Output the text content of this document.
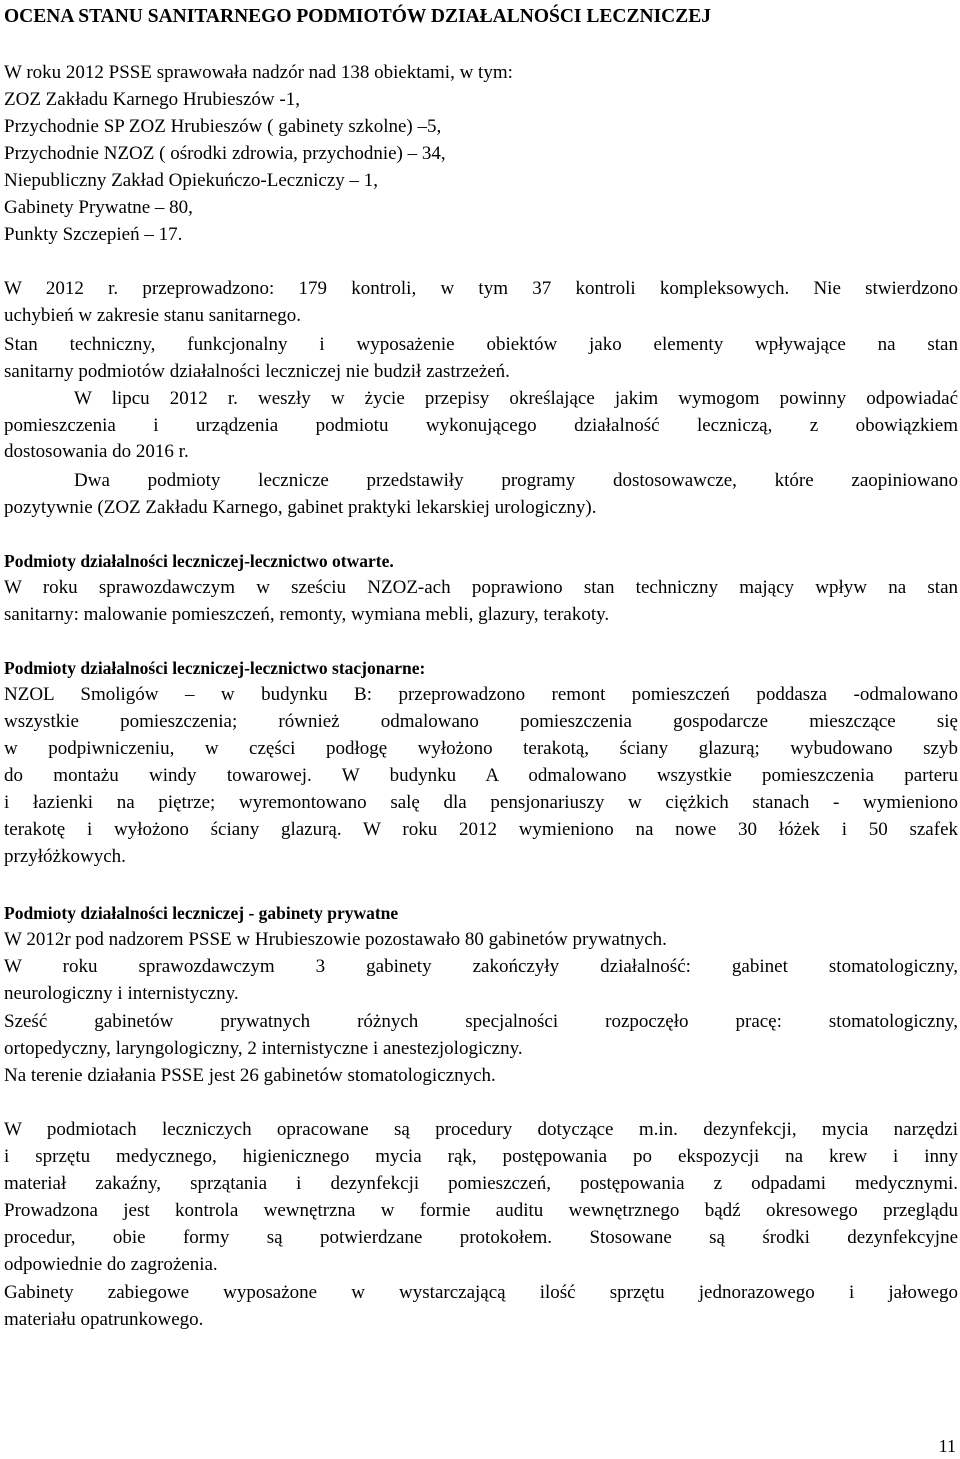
OCENA STANU SANITARNEGO PODMIOTÓW DZIAŁALNOŚCI LECZNICZEJ
W roku 2012 PSSE sprawowała nadzór nad 138 obiektami, w tym:
ZOZ Zakładu Karnego Hrubieszów -1,
Przychodnie SP ZOZ Hrubieszów ( gabinety szkolne) –5,
Przychodnie NZOZ ( ośrodki zdrowia, przychodnie) – 34,
Niepubliczny Zakład Opiekuńczo-Leczniczy – 1,
Gabinety Prywatne – 80,
Punkty Szczepień – 17.
W 2012 r. przeprowadzono: 179 kontroli, w tym 37 kontroli kompleksowych. Nie stwierdzono
uchybień w zakresie stanu sanitarnego.
Stan techniczny, funkcjonalny i wyposażenie obiektów jako elementy wpływające na stan
sanitarny podmiotów działalności leczniczej nie budził zastrzeżeń.
W lipcu 2012 r. weszły w życie przepisy określające jakim wymogom powinny odpowiadać
pomieszczenia i urządzenia podmiotu wykonującego działalność leczniczą, z obowiązkiem
dostosowania do 2016 r.
Dwa podmioty lecznicze przedstawiły programy dostosowawcze, które zaopiniowano
pozytywnie (ZOZ Zakładu Karnego, gabinet praktyki lekarskiej urologiczny).
Podmioty działalności leczniczej-lecznictwo otwarte.
W roku sprawozdawczym w sześciu NZOZ-ach poprawiono stan techniczny mający wpływ na stan
sanitarny: malowanie pomieszczeń, remonty, wymiana mebli, glazury, terakoty.
Podmioty działalności leczniczej-lecznictwo stacjonarne:
NZOL Smoligów – w budynku B: przeprowadzono remont pomieszczeń poddasza -odmalowano
wszystkie pomieszczenia; również odmalowano pomieszczenia gospodarcze mieszczące się
w podpiwniczeniu, w części podłogę wyłożono terakotą, ściany glazurą; wybudowano szyb
do montażu windy towarowej. W budynku A odmalowano wszystkie pomieszczenia parteru
i łazienki na piętrze; wyremontowano salę dla pensjonariuszy w ciężkich stanach - wymieniono
terakotę i wyłożono ściany glazurą. W roku 2012 wymieniono na nowe 30 łóżek i 50 szafek
przyłóżkowych.
Podmioty działalności leczniczej - gabinety prywatne
W 2012r pod nadzorem PSSE w Hrubieszowie pozostawało 80 gabinetów prywatnych.
W roku sprawozdawczym 3 gabinety zakończyły działalność: gabinet stomatologiczny,
neurologiczny i internistyczny.
Sześć gabinetów prywatnych różnych specjalności rozpoczęło pracę: stomatologiczny,
ortopedyczny, laryngologiczny, 2 internistyczne i anestezjologiczny.
Na terenie działania PSSE jest 26 gabinetów stomatologicznych.
W podmiotach leczniczych opracowane są procedury dotyczące m.in. dezynfekcji, mycia narzędzi
i sprzętu medycznego, higienicznego mycia rąk, postępowania po ekspozycji na krew i inny
materiał zakaźny, sprzątania i dezynfekcji pomieszczeń, postępowania z odpadami medycznymi.
Prowadzona jest kontrola wewnętrzna w formie auditu wewnętrznego bądź okresowego przeglądu
procedur, obie formy są potwierdzane protokołem. Stosowane są środki dezynfekcyjne
odpowiednie do zagrożenia.
Gabinety zabiegowe wyposażone w wystarczającą ilość sprzętu jednorazowego i jałowego
materiału opatrunkowego.
11
